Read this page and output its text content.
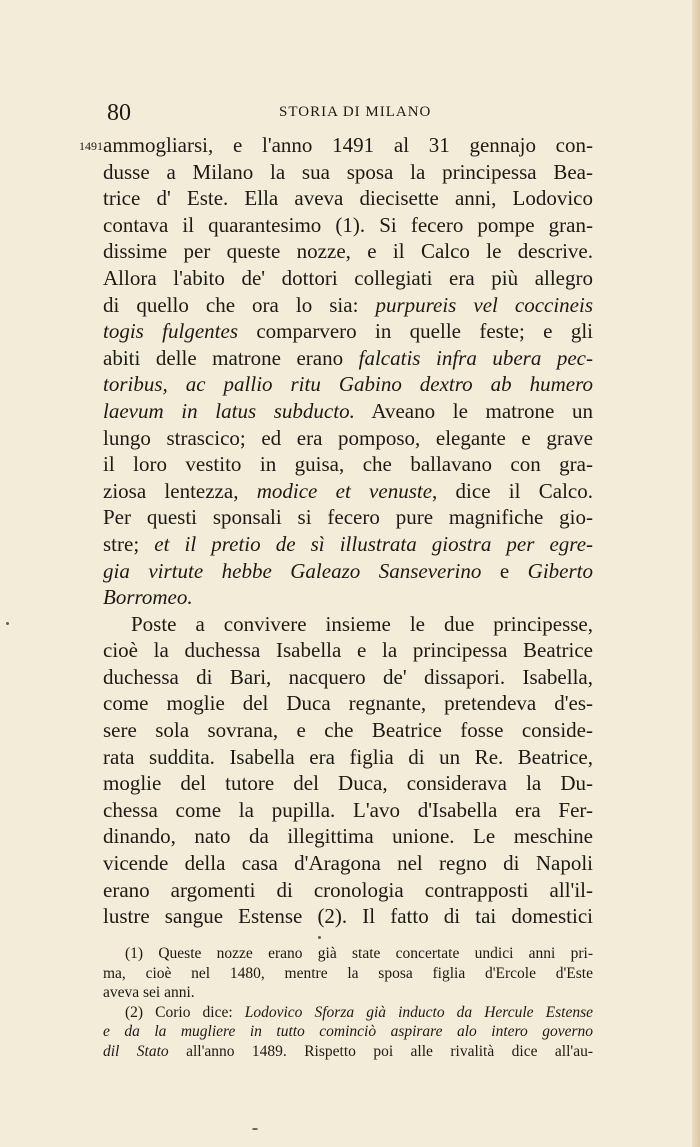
80	STORIA DI MILANO
1491 ammogliarsi, e l'anno 1491 al 31 gennajo con-
dusse a Milano la sua sposa la principessa Bea-
trice d' Este. Ella aveva diecisette anni, Lodovico
contava il quarantesimo (1). Si fecero pompe gran-
dissime per queste nozze, e il Calco le descrive.
Allora l'abito de' dottori collegiati era più allegro
di quello che ora lo sia: purpureis vel coccineis
togis fulgentes comparvero in quelle feste; e gli
abiti delle matrone erano falcatis infra ubera pec-
toribus, ac pallio ritu Gabino dextro ab humero
laevum in latus subducto. Aveano le matrone un
lungo strascico; ed era pomposo, elegante e grave
il loro vestito in guisa, che ballavano con gra-
ziosa lentezza, modice et venuste, dice il Calco.
Per questi sponsali si fecero pure magnifiche gio-
stre; et il pretio de sì illustrata giostra per egre-
gia virtute hebbe Galeazo Sanseverino e Giberto
Borromeo.
Poste a convivere insieme le due principesse,
cioè la duchessa Isabella e la principessa Beatrice
duchessa di Bari, nacquero de' dissapori. Isabella,
come moglie del Duca regnante, pretendeva d'es-
sere sola sovrana, e che Beatrice fosse conside-
rata suddita. Isabella era figlia di un Re. Beatrice,
moglie del tutore del Duca, considerava la Du-
chessa come la pupilla. L'avo d'Isabella era Fer-
dinando, nato da illegittima unione. Le meschine
vicende della casa d'Aragona nel regno di Napoli
erano argomenti di cronologia contrapposti all'il-
lustre sangue Estense (2). Il fatto di tai domestici
(1) Queste nozze erano già state concertate undici anni pri-
ma, cioè nel 1480, mentre la sposa figlia d'Ercole d'Este
aveva sei anni.
(2) Corio dice: Lodovico Sforza già inducto da Hercule Estense
e da la mugliere in tutto cominciò aspirare alo intero governo
dil Stato all'anno 1489. Rispetto poi alle rivalità dice all'au-
